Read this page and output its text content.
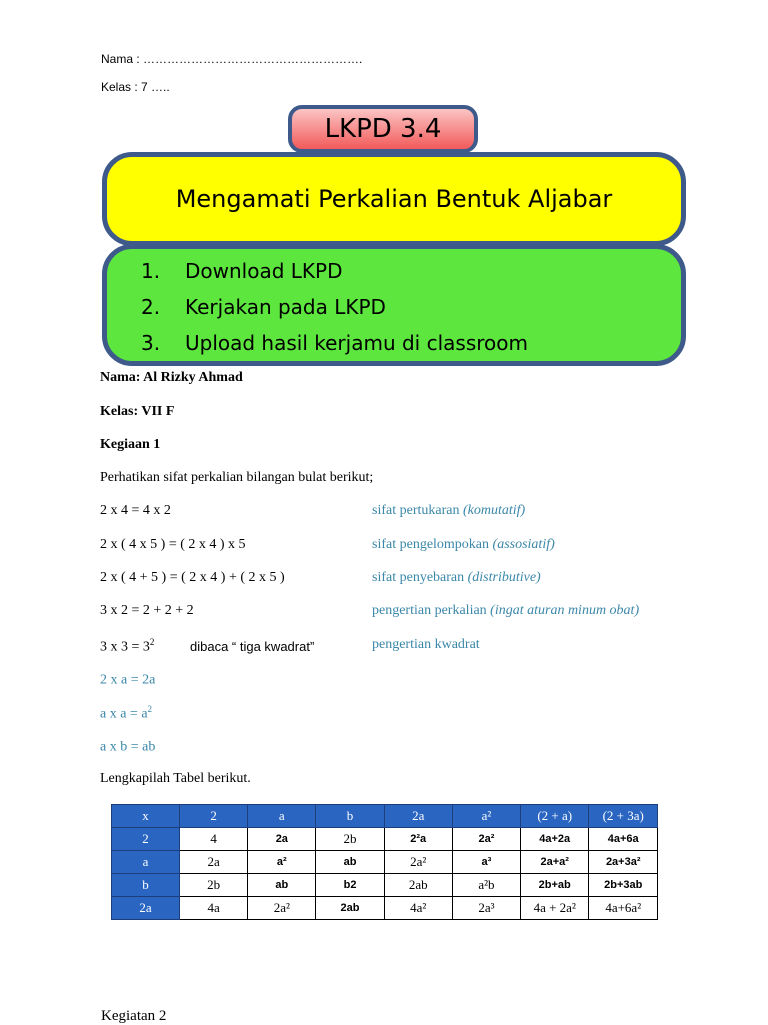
Nama : ……………………………………………….
Kelas : 7 …..
1. Download LKPD
2. Kerjakan pada LKPD
3. Upload hasil kerjamu di classroom
Mengamati Perkalian Bentuk Aljabar
LKPD 3.4
Nama: Al Rizky Ahmad
Kelas: VII F
Kegiaan 1
Perhatikan sifat perkalian bilangan bulat berikut;
2 x 4 = 4 x 2	sifat pertukaran (komutatif)
2 x ( 4 x 5 ) = ( 2 x 4 ) x 5	sifat pengelompokan (assosiatif)
2 x ( 4 + 5 ) = ( 2 x 4 ) + ( 2 x 5 )	sifat penyebaran (distributive)
3 x 2 = 2 + 2 + 2	pengertian perkalian (ingat aturan minum obat)
3 x $3 = 3^2$	dibaca “ tiga kwadrat”	pengertian kwadrat
2 x a = 2a
a x $a = a^2$
a x b = ab
Lengkapilah Tabel berikut.
x	2	a	b	2a	a²	(2 + a)	(2 + 3a)
2	4	2a	2b	2²a	2a²	4a+2a	4a+6a
a	2a	a²	ab	2a²	a³	2a+a²	2a+3a²
b	2b	ab	b2	2ab	a²b	2b+ab	2b+3ab
2a	4a	2a²	2ab	4a²	2a³	4a + 2a²	4a+6a²
Kegiatan 2
